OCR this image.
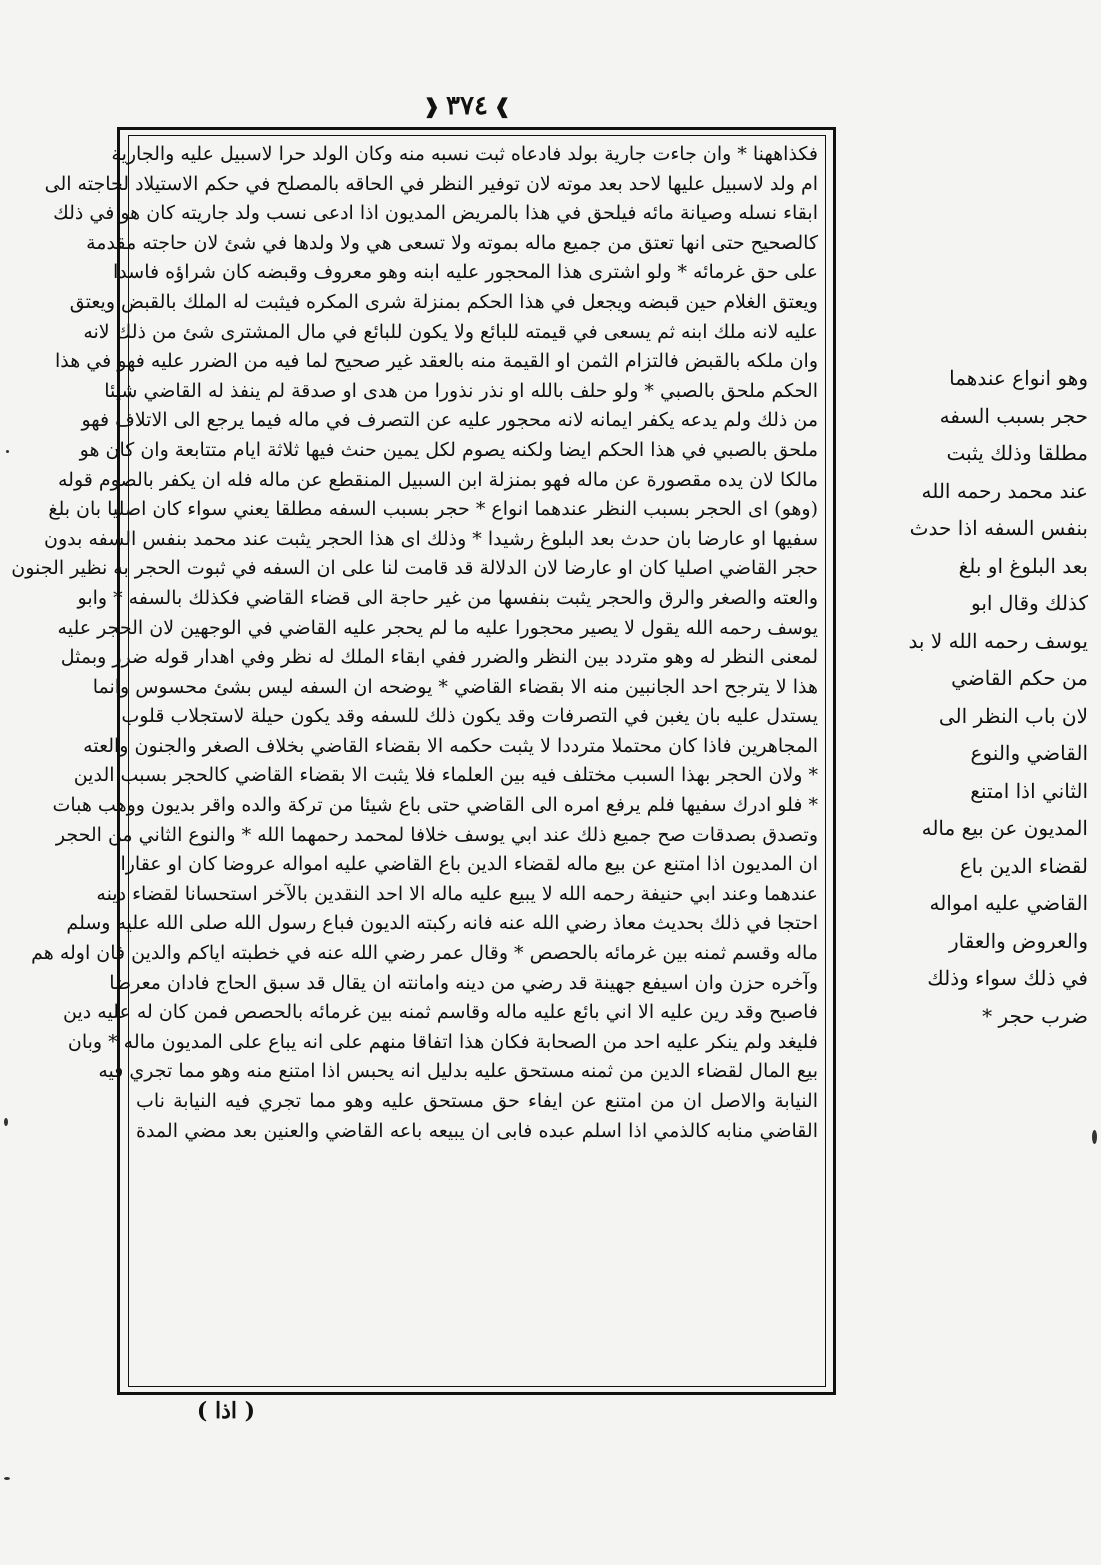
❱
٣٧٤
❰
فكذاههنا * وان جاءت جارية بولد فادعاه ثبت نسبه منه وكان الولد حرا لاسبيل عليه والجارية
ام ولد لاسبيل عليها لاحد بعد موته لان توفير النظر في الحاقه بالمصلح في حكم الاستيلاد لحاجته الى
ابقاء نسله وصيانة مائه فيلحق في هذا بالمريض المديون اذا ادعى نسب ولد جاريته كان هو في ذلك
كالصحيح حتى انها تعتق من جميع ماله بموته ولا تسعى هي ولا ولدها في شئ لان حاجته مقدمة
على حق غرمائه * ولو اشترى هذا المحجور عليه ابنه وهو معروف وقبضه كان شراؤه فاسدا
ويعتق الغلام حين قبضه ويجعل في هذا الحكم بمنزلة شرى المكره فيثبت له الملك بالقبض ويعتق
عليه لانه ملك ابنه ثم يسعى في قيمته للبائع ولا يكون للبائع في مال المشترى شئ من ذلك لانه
وان ملكه بالقبض فالتزام الثمن او القيمة منه بالعقد غير صحيح لما فيه من الضرر عليه فهو في هذا
الحكم ملحق بالصبي * ولو حلف بالله او نذر نذورا من هدى او صدقة لم ينفذ له القاضي شيئا
من ذلك ولم يدعه يكفر ايمانه لانه محجور عليه عن التصرف في ماله فيما يرجع الى الاتلاف فهو
ملحق بالصبي في هذا الحكم ايضا ولكنه يصوم لكل يمين حنث فيها ثلاثة ايام متتابعة وان كان هو
مالكا لان يده مقصورة عن ماله فهو بمنزلة ابن السبيل المنقطع عن ماله فله ان يكفر بالصوم قوله
(وهو) اى الحجر بسبب النظر عندهما انواع * حجر بسبب السفه مطلقا يعني سواء كان اصليا بان بلغ
سفيها او عارضا بان حدث بعد البلوغ رشيدا * وذلك اى هذا الحجر يثبت عند محمد بنفس السفه بدون
حجر القاضي اصليا كان او عارضا لان الدلالة قد قامت لنا على ان السفه في ثبوت الحجر به نظير الجنون
والعته والصغر والرق والحجر يثبت بنفسها من غير حاجة الى قضاء القاضي فكذلك بالسفه * وابو
يوسف رحمه الله يقول لا يصير محجورا عليه ما لم يحجر عليه القاضي في الوجهين لان الحجر عليه
لمعنى النظر له وهو متردد بين النظر والضرر ففي ابقاء الملك له نظر وفي اهدار قوله ضرر وبمثل
هذا لا يترجح احد الجانبين منه الا بقضاء القاضي * يوضحه ان السفه ليس بشئ محسوس وانما
يستدل عليه بان يغبن في التصرفات وقد يكون ذلك للسفه وقد يكون حيلة لاستجلاب قلوب
المجاهرين فاذا كان محتملا مترددا لا يثبت حكمه الا بقضاء القاضي بخلاف الصغر والجنون والعته
* ولان الحجر بهذا السبب مختلف فيه بين العلماء فلا يثبت الا بقضاء القاضي كالحجر بسبب الدين
* فلو ادرك سفيها فلم يرفع امره الى القاضي حتى باع شيئا من تركة والده واقر بديون ووهب هبات
وتصدق بصدقات صح جميع ذلك عند ابي يوسف خلافا لمحمد رحمهما الله * والنوع الثاني من الحجر
ان المديون اذا امتنع عن بيع ماله لقضاء الدين باع القاضي عليه امواله عروضا كان او عقارا
عندهما وعند ابي حنيفة رحمه الله لا يبيع عليه ماله الا احد النقدين بالآخر استحسانا لقضاء دينه
احتجا في ذلك بحديث معاذ رضي الله عنه فانه ركبته الديون فباع رسول الله صلى الله عليه وسلم
ماله وقسم ثمنه بين غرمائه بالحصص * وقال عمر رضي الله عنه في خطبته اياكم والدين فان اوله هم
وآخره حزن وان اسيفع جهينة قد رضي من دينه وامانته ان يقال قد سبق الحاج فادان معرضا
فاصبح وقد رين عليه الا اني بائع عليه ماله وقاسم ثمنه بين غرمائه بالحصص فمن كان له عليه دين
فليغد ولم ينكر عليه احد من الصحابة فكان هذا اتفاقا منهم على انه يباع على المديون ماله * وبان
بيع المال لقضاء الدين من ثمنه مستحق عليه بدليل انه يحبس اذا امتنع منه وهو مما تجري فيه
النيابة والاصل ان من امتنع عن ايفاء حق مستحق عليه وهو مما تجري فيه النيابة ناب
القاضي منابه كالذمي اذا اسلم عبده فابى ان يبيعه باعه القاضي والعنين بعد مضي المدة
وهو انواع عندهما
حجر بسبب السفه
مطلقا وذلك يثبت
عند محمد رحمه الله
بنفس السفه اذا حدث
بعد البلوغ او بلغ
كذلك وقال ابو
يوسف رحمه الله لا بد
من حكم القاضي
لان باب النظر الى
القاضي والنوع
الثاني اذا امتنع
المديون عن بيع ماله
لقضاء الدين باع
القاضي عليه امواله
والعروض والعقار
في ذلك سواء وذلك
ضرب حجر *
( اذا )
